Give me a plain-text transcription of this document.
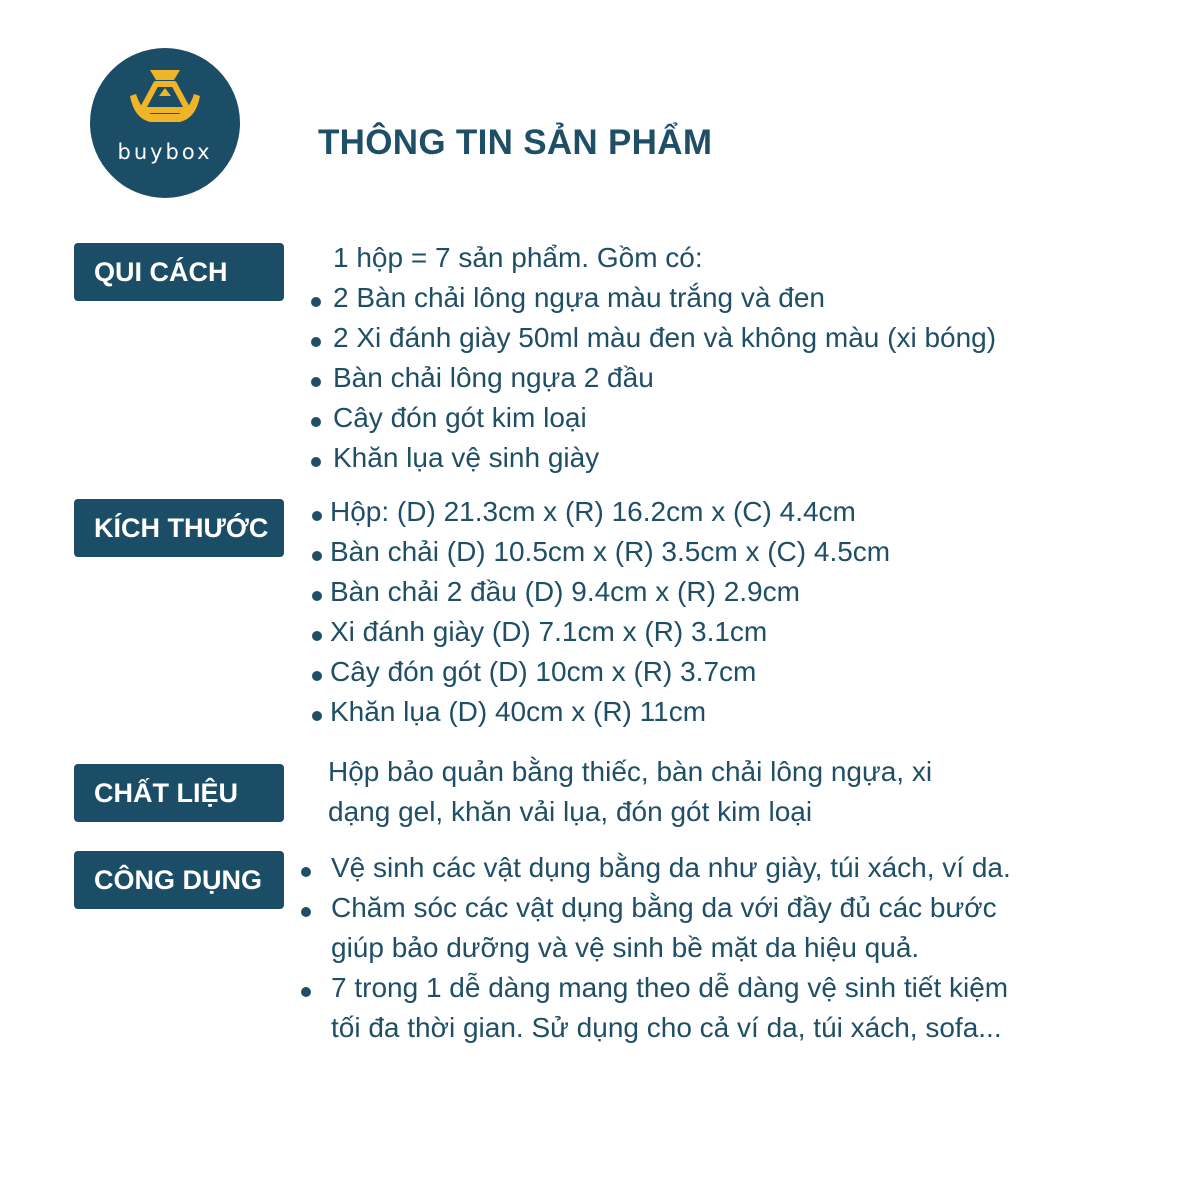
buybox	THÔNG TIN SẢN PHẨM
QUI CÁCH	1 hộp = 7 sản phẩm. Gồm có:
2 Bàn chải lông ngựa màu trắng và đen
2 Xi đánh giày 50ml màu đen và không màu (xi bóng)
Bàn chải lông ngựa 2 đầu
Cây đón gót kim loại
Khăn lụa vệ sinh giày
KÍCH THƯỚC
Hộp: (D) 21.3cm x (R) 16.2cm x (C) 4.4cm
Bàn chải (D) 10.5cm x (R) 3.5cm x (C) 4.5cm
Bàn chải 2 đầu (D) 9.4cm x (R) 2.9cm
Xi đánh giày (D) 7.1cm x (R) 3.1cm
Cây đón gót (D) 10cm x (R) 3.7cm
Khăn lụa (D) 40cm x (R) 11cm
CHẤT LIỆU
Hộp bảo quản bằng thiếc, bàn chải lông ngựa, xi
dạng gel, khăn vải lụa, đón gót kim loại
CÔNG DỤNG	Vệ sinh các vật dụng bằng da như giày, túi xách, ví da.
Chăm sóc các vật dụng bằng da với đầy đủ các bước
giúp bảo dưỡng và vệ sinh bề mặt da hiệu quả.
7 trong 1 dễ dàng mang theo dễ dàng vệ sinh tiết kiệm
tối đa thời gian. Sử dụng cho cả ví da, túi xách, sofa...
